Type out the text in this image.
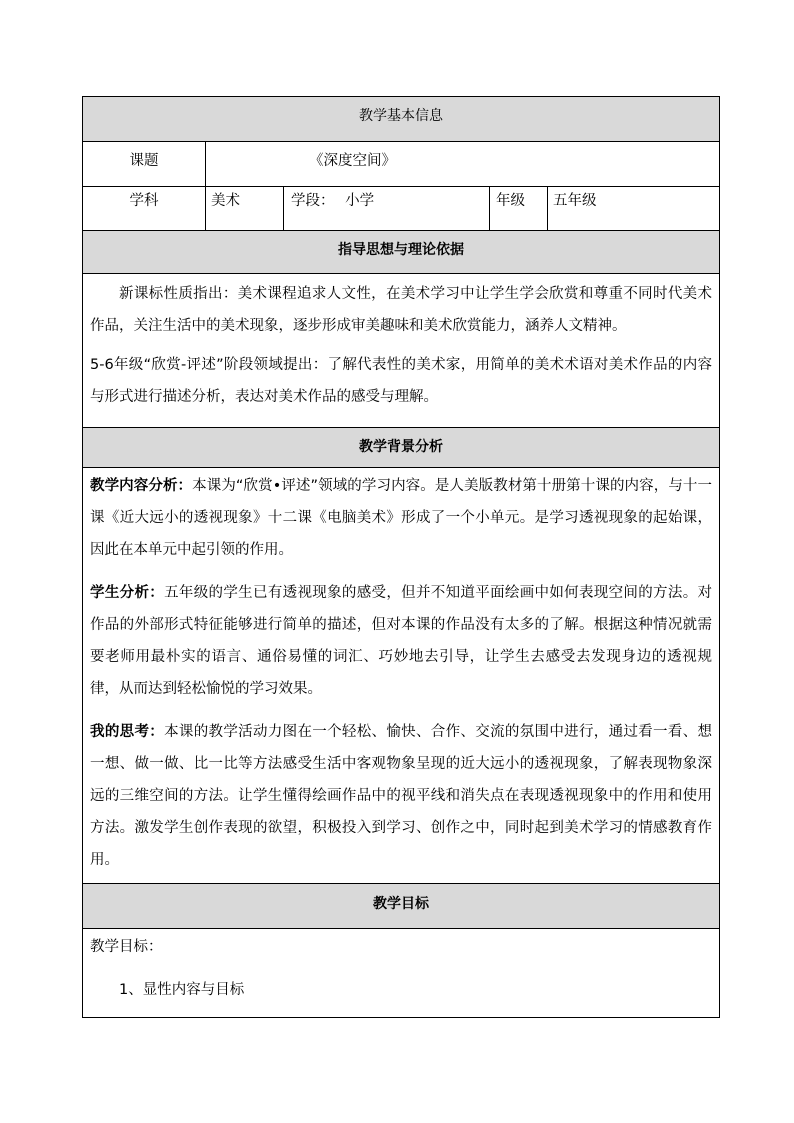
教学基本信息				

课题	《深度空间》			

学科	美术	学段： 小学	年级	五年级

指导思想与理论依据				

新课标性质指出：美术课程追求人文性，在美术学习中让学生学会欣赏和尊重不同时代美术作品，关注生活中的美术现象，逐步形成审美趣味和美术欣赏能力，涵养人文精神。

5-6年级“欣赏-评述”阶段领域提出：了解代表性的美术家，用简单的美术术语对美术作品的内容与形式进行描述分析，表达对美术作品的感受与理解。				

教学背景分析				

教学内容分析：本课为“欣赏•评述”领域的学习内容。是人美版教材第十册第十课的内容，与十一课《近大远小的透视现象》十二课《电脑美术》形成了一个小单元。是学习透视现象的起始课，因此在本单元中起引领的作用。

学生分析：五年级的学生已有透视现象的感受，但并不知道平面绘画中如何表现空间的方法。对作品的外部形式特征能够进行简单的描述，但对本课的作品没有太多的了解。根据这种情况就需要老师用最朴实的语言、通俗易懂的词汇、巧妙地去引导，让学生去感受去发现身边的透视规律，从而达到轻松愉悦的学习效果。

我的思考：本课的教学活动力图在一个轻松、愉快、合作、交流的氛围中进行，通过看一看、想一想、做一做、比一比等方法感受生活中客观物象呈现的近大远小的透视现象，了解表现物象深远的三维空间的方法。让学生懂得绘画作品中的视平线和消失点在表现透视现象中的作用和使用方法。激发学生创作表现的欲望，积极投入到学习、创作之中，同时起到美术学习的情感教育作用。				

教学目标				

教学目标：

1、显性内容与目标				
